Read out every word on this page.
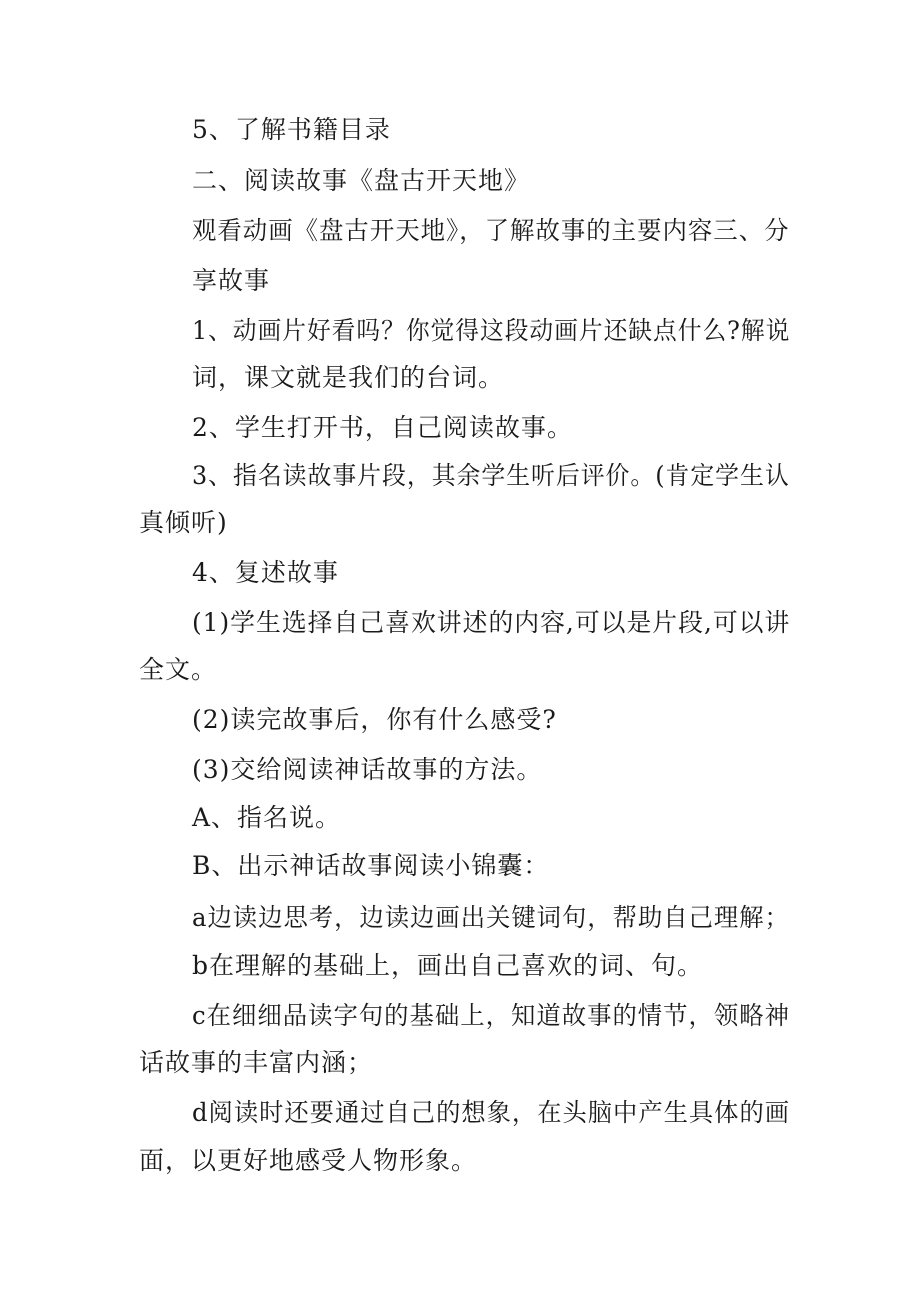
5、了解书籍目录
二、阅读故事《盘古开天地》
观看动画《盘古开天地》，了解故事的主要内容三、分
享故事
1、动画片好看吗？你觉得这段动画片还缺点什么?解说
词，课文就是我们的台词。
2、学生打开书，自己阅读故事。
3、指名读故事片段，其余学生听后评价。(肯定学生认
真倾听)
4、复述故事
(1)学生选择自己喜欢讲述的内容,可以是片段,可以讲
全文。
(2)读完故事后，你有什么感受?
(3)交给阅读神话故事的方法。
A、指名说。
B、出示神话故事阅读小锦囊：
a边读边思考，边读边画出关键词句，帮助自己理解；
b在理解的基础上，画出自己喜欢的词、句。
c在细细品读字句的基础上，知道故事的情节，领略神
话故事的丰富内涵；
d阅读时还要通过自己的想象，在头脑中产生具体的画
面，以更好地感受人物形象。
